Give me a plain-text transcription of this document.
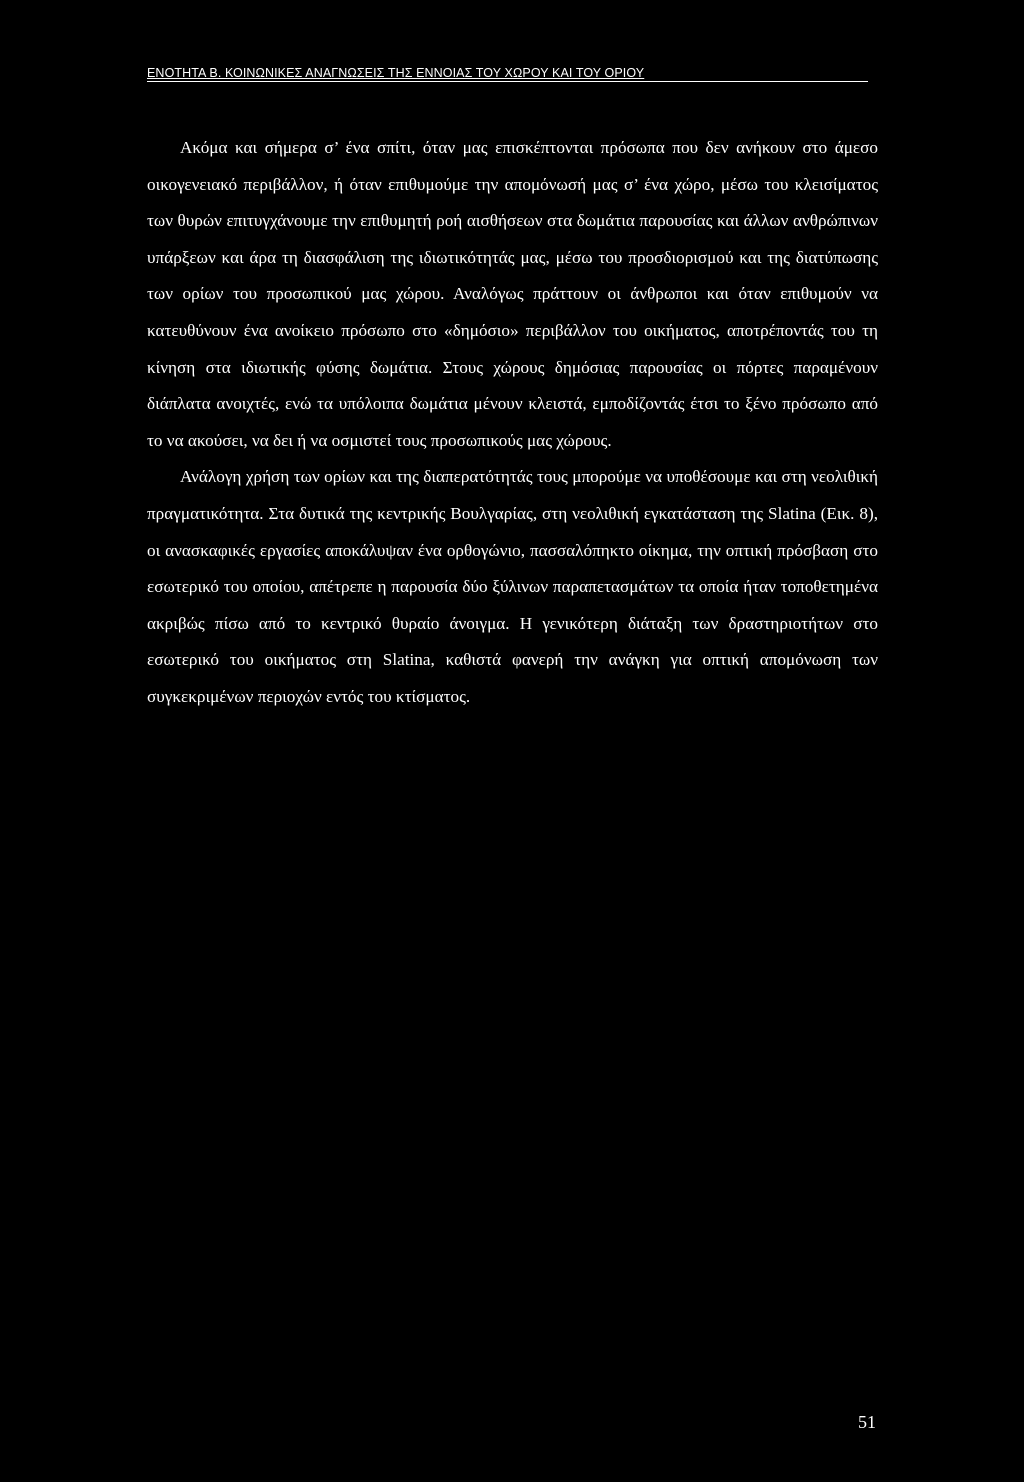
ΕΝΟΤΗΤΑ Β. ΚΟΙΝΩΝΙΚΕΣ ΑΝΑΓΝΩΣΕΙΣ ΤΗΣ ΕΝΝΟΙΑΣ ΤΟΥ ΧΩΡΟΥ ΚΑΙ ΤΟΥ ΟΡΙΟΥ

Ακόμα και σήμερα σ’ ένα σπίτι, όταν μας επισκέπτονται πρόσωπα που δεν ανήκουν στο άμεσο οικογενειακό περιβάλλον, ή όταν επιθυμούμε την απομόνωσή μας σ’ ένα χώρο, μέσω του κλεισίματος των θυρών επιτυγχάνουμε την επιθυμητή ροή αισθήσεων στα δωμάτια παρουσίας και άλλων ανθρώπινων υπάρξεων και άρα τη διασφάλιση της ιδιωτικότητάς μας, μέσω του προσδιορισμού και της διατύπωσης των ορίων του προσωπικού μας χώρου. Αναλόγως πράττουν οι άνθρωποι και όταν επιθυμούν να κατευθύνουν ένα ανοίκειο πρόσωπο στο «δημόσιο» περιβάλλον του οικήματος, αποτρέποντάς του τη κίνηση στα ιδιωτικής φύσης δωμάτια. Στους χώρους δημόσιας παρουσίας οι πόρτες παραμένουν διάπλατα ανοιχτές, ενώ τα υπόλοιπα δωμάτια μένουν κλειστά, εμποδίζοντάς έτσι το ξένο πρόσωπο από το να ακούσει, να δει ή να οσμιστεί τους προσωπικούς μας χώρους.

Ανάλογη χρήση των ορίων και της διαπερατότητάς τους μπορούμε να υποθέσουμε και στη νεολιθική πραγματικότητα. Στα δυτικά της κεντρικής Βουλγαρίας, στη νεολιθική εγκατάσταση της Slatina (Εικ. 8), οι ανασκαφικές εργασίες αποκάλυψαν ένα ορθογώνιο, πασσαλόπηκτο οίκημα, την οπτική πρόσβαση στο εσωτερικό του οποίου, απέτρεπε η παρουσία δύο ξύλινων παραπετασμάτων τα οποία ήταν τοποθετημένα ακριβώς πίσω από το κεντρικό θυραίο άνοιγμα. Η γενικότερη διάταξη των δραστηριοτήτων στο εσωτερικό του οικήματος στη Slatina, καθιστά φανερή την ανάγκη για οπτική απομόνωση των συγκεκριμένων περιοχών εντός του κτίσματος.

51
